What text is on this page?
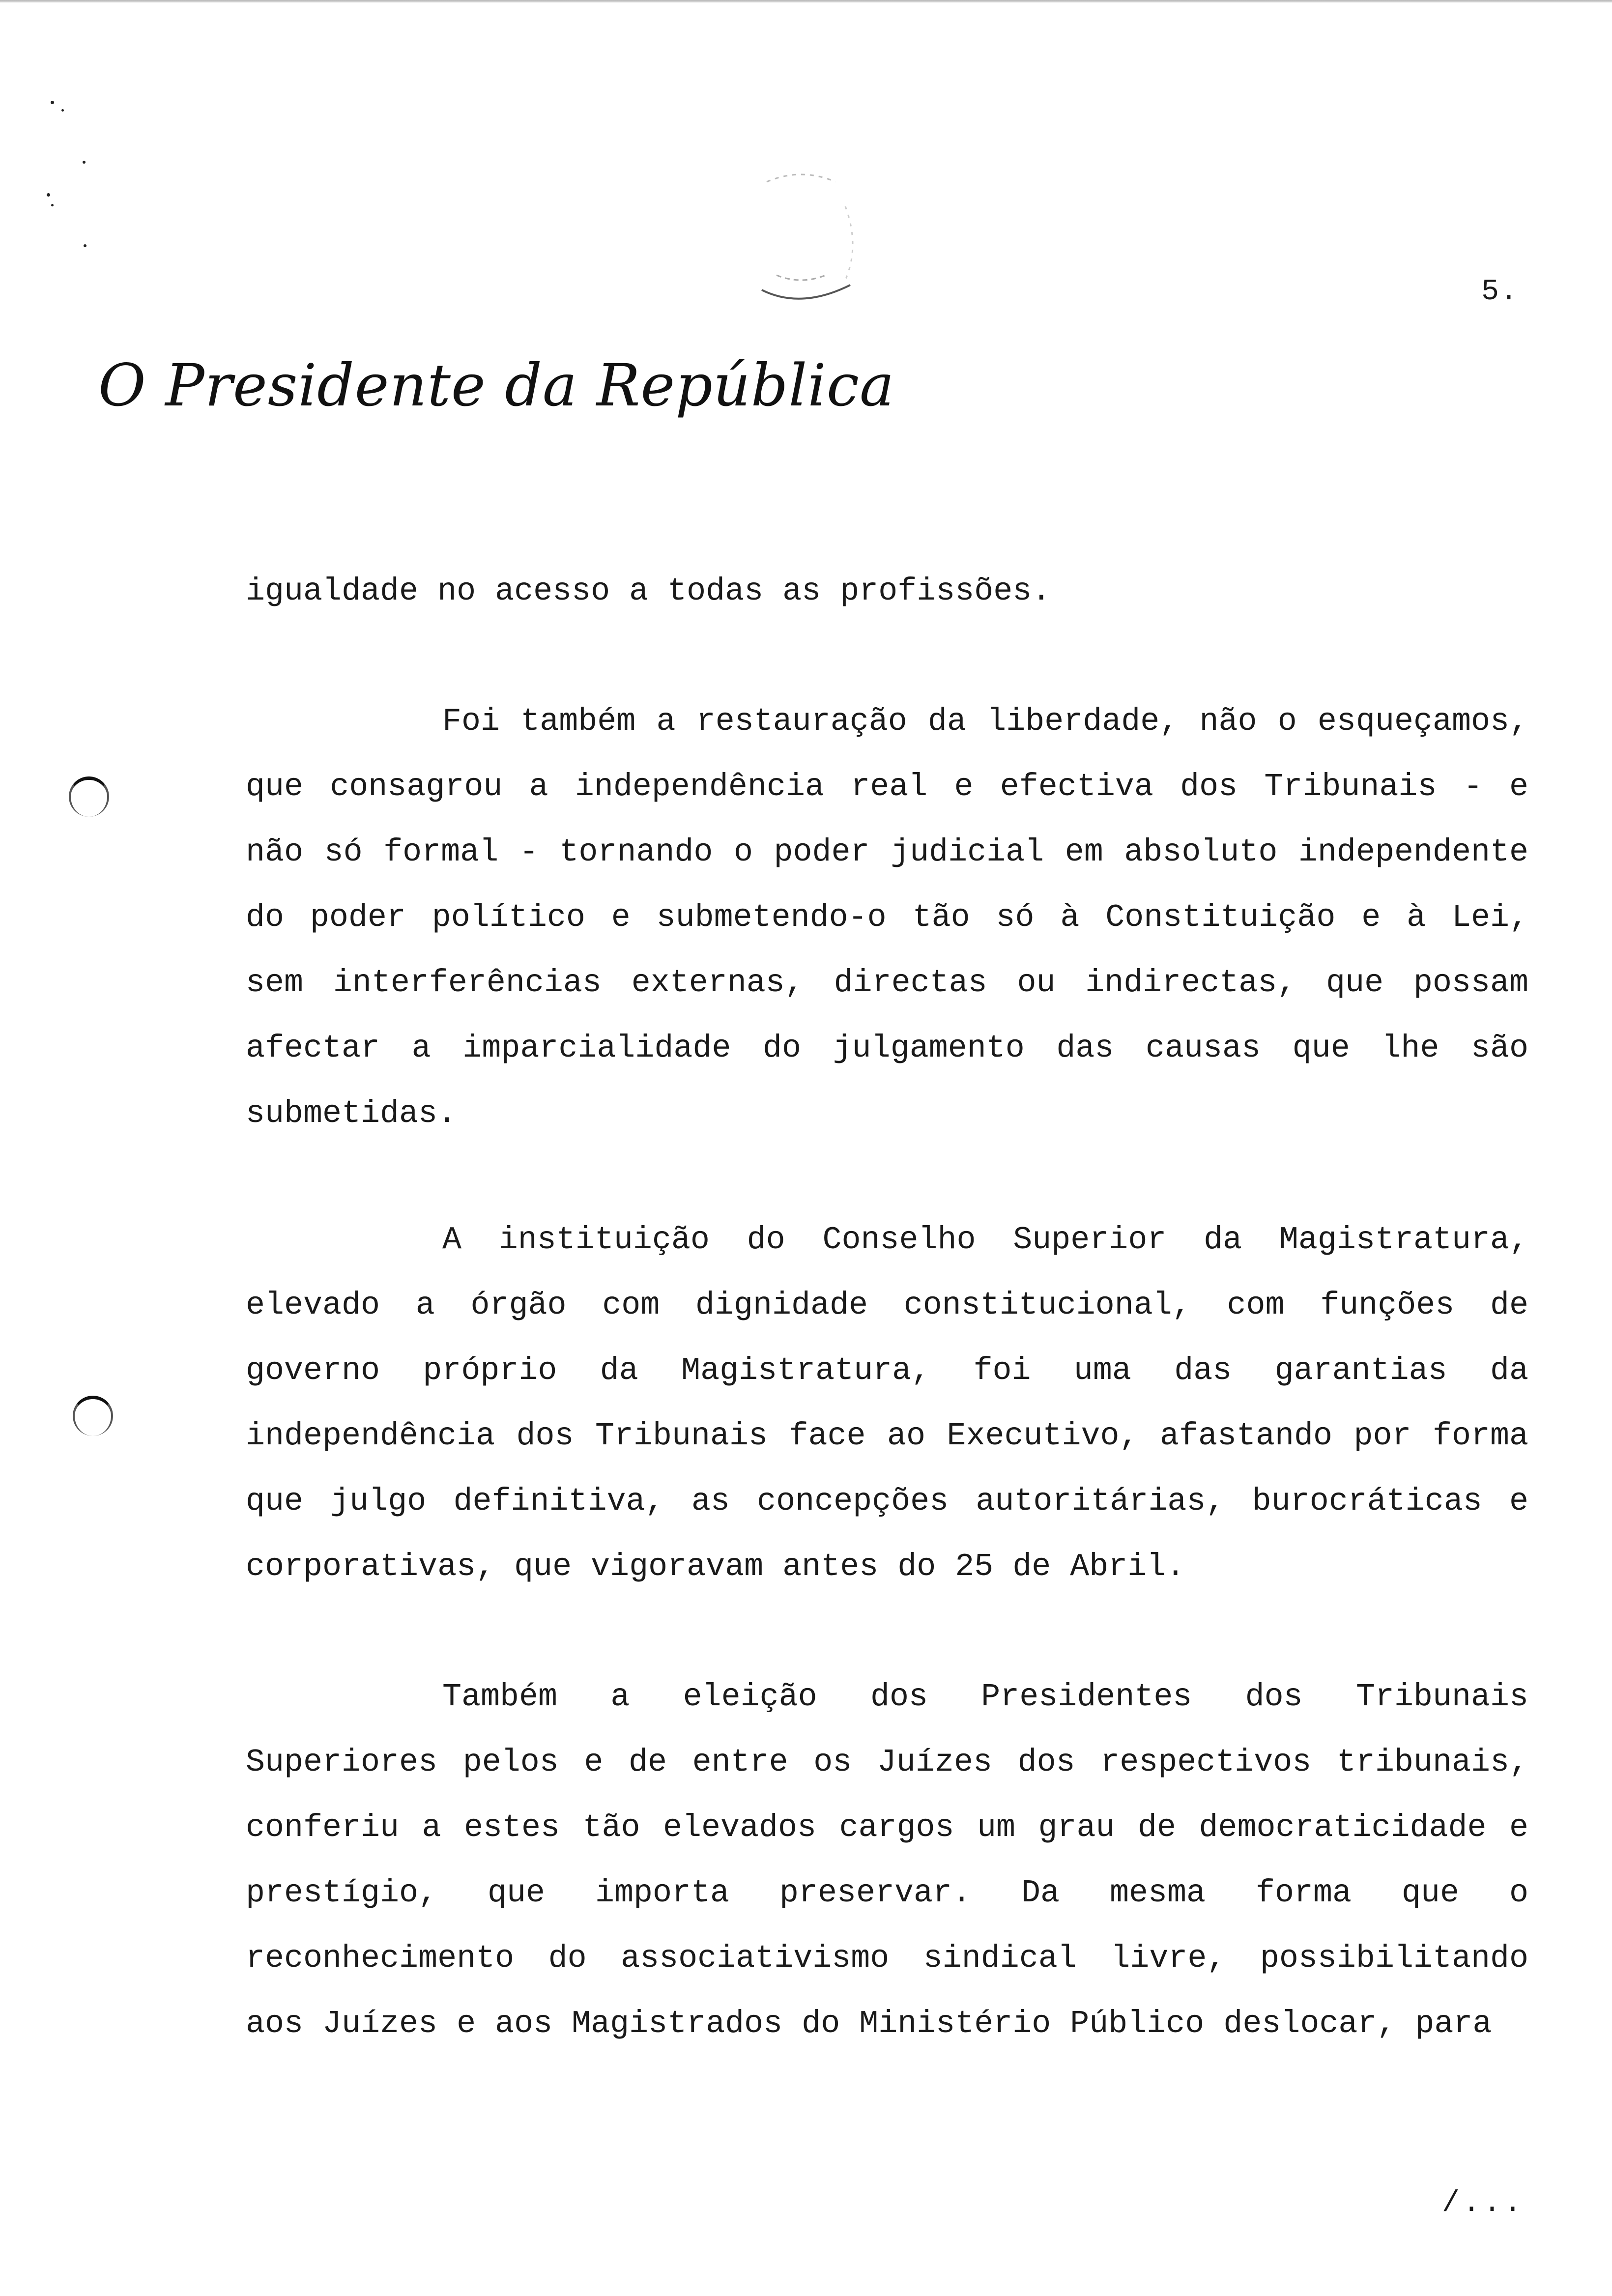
5.
O Presidente da República

igualdade no acesso a todas as profissões.

Foi também a restauração da liberdade, não o esqueçamos, que consagrou a independência real e efectiva dos Tribunais - e não só formal - tornando o poder judicial em absoluto independente do poder político e submetendo-o tão só à Constituição e à Lei, sem interferências externas, directas ou indirectas, que possam afectar a imparcialidade do julgamento das causas que lhe são submetidas.

A instituição do Conselho Superior da Magistratura, elevado a órgão com dignidade constitucional, com funções de governo próprio da Magistratura, foi uma das garantias da independência dos Tribunais face ao Executivo, afastando por forma que julgo definitiva, as concepções autoritárias, burocráticas e corporativas, que vigoravam antes do 25 de Abril.

Também a eleição dos Presidentes dos Tribunais Superiores pelos e de entre os Juízes dos respectivos tribunais, conferiu a estes tão elevados cargos um grau de democraticidade e prestígio, que importa preservar. Da mesma forma que o reconhecimento do associativismo sindical livre, possibilitando aos Juízes e aos Magistrados do Ministério Público deslocar, para

/...
